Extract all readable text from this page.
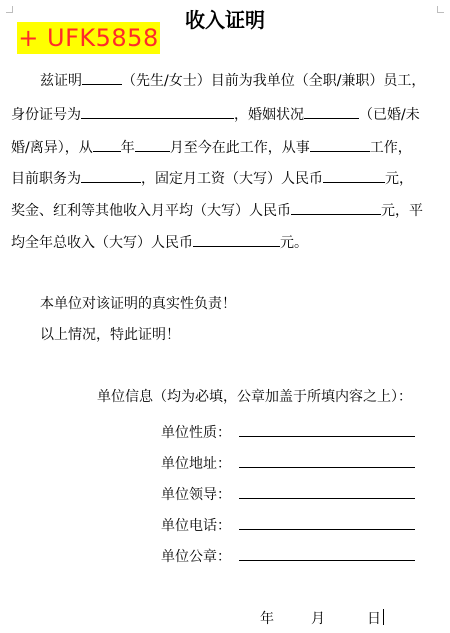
+ UFK5858
收入证明
兹证明	（先生/女士）目前为我单位（全职/兼职）员工，
身份证号为	，婚姻状况	（已婚/未
婚/离异），从 年	月至今在此工作，从事	工作，
目前职务为	，固定月工资（大写）人民币	元，
奖金、红利等其他收入月平均（大写）人民币	元，平
均全年总收入（大写）人民币	元。
本单位对该证明的真实性负责！
以上情况，特此证明！
单位信息（均为必填，公章加盖于所填内容之上）：
单位性质：
单位地址：
单位领导：
单位电话：
单位公章：
年	月	日
